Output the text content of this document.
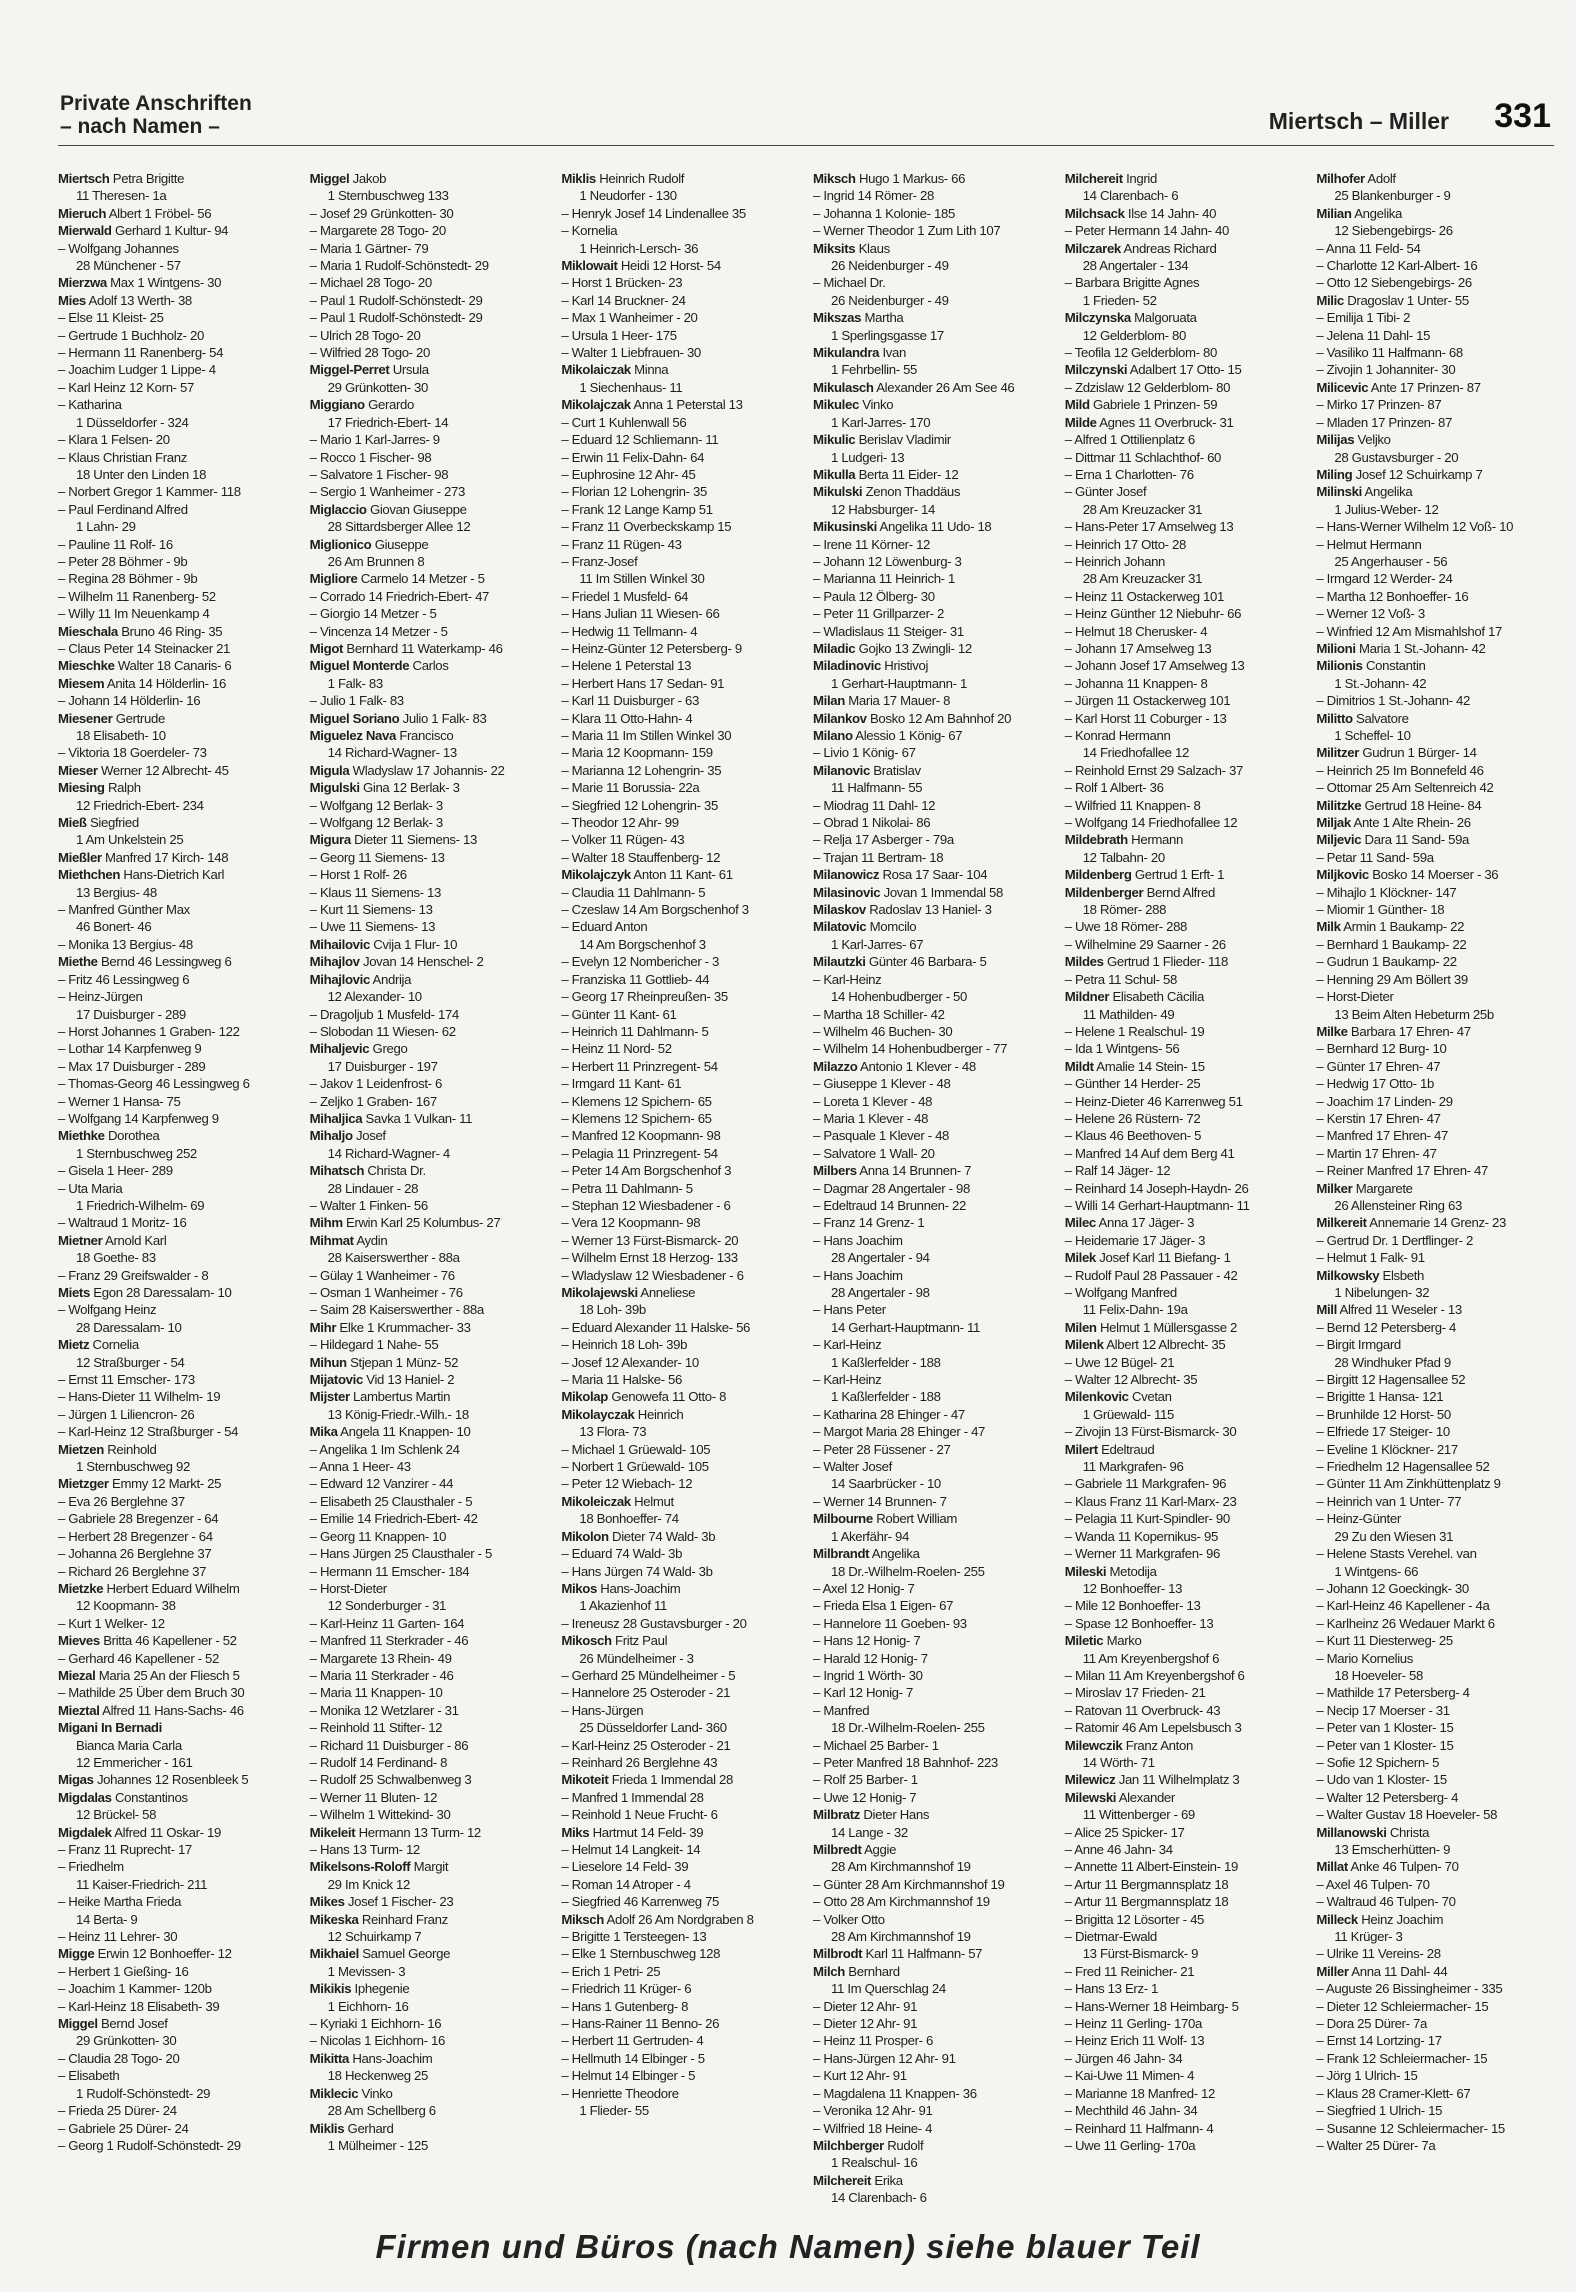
Private Anschriften
– nach Namen –	Miertsch – Miller 331
Miertsch Petra Brigitte
11 Theresen- 1a
Mieruch Albert 1 Fröbel- 56
Mierwald Gerhard 1 Kultur- 94
– Wolfgang Johannes
28 Münchener - 57
Mierzwa Max 1 Wintgens- 30
Mies Adolf 13 Werth- 38
– Else 11 Kleist- 25
– Gertrude 1 Buchholz- 20
– Hermann 11 Ranenberg- 54
– Joachim Ludger 1 Lippe- 4
– Karl Heinz 12 Korn- 57
– Katharina
1 Düsseldorfer - 324
– Klara 1 Felsen- 20
– Klaus Christian Franz
18 Unter den Linden 18
– Norbert Gregor 1 Kammer- 118
– Paul Ferdinand Alfred
1 Lahn- 29
– Pauline 11 Rolf- 16
– Peter 28 Böhmer - 9b
– Regina 28 Böhmer - 9b
– Wilhelm 11 Ranenberg- 52
– Willy 11 Im Neuenkamp 4
Mieschala Bruno 46 Ring- 35
– Claus Peter 14 Steinacker 21
Mieschke Walter 18 Canaris- 6
Miesem Anita 14 Hölderlin- 16
– Johann 14 Hölderlin- 16
Miesener Gertrude
18 Elisabeth- 10
– Viktoria 18 Goerdeler- 73
Mieser Werner 12 Albrecht- 45
Miesing Ralph
12 Friedrich-Ebert- 234
Mieß Siegfried
1 Am Unkelstein 25
Mießler Manfred 17 Kirch- 148
Miethchen Hans-Dietrich Karl
13 Bergius- 48
– Manfred Günther Max
46 Bonert- 46
– Monika 13 Bergius- 48
Miethe Bernd 46 Lessingweg 6
– Fritz 46 Lessingweg 6
– Heinz-Jürgen
17 Duisburger - 289
– Horst Johannes 1 Graben- 122
– Lothar 14 Karpfenweg 9
– Max 17 Duisburger - 289
– Thomas-Georg 46 Lessingweg 6
– Werner 1 Hansa- 75
– Wolfgang 14 Karpfenweg 9
Miethke Dorothea
1 Sternbuschweg 252
– Gisela 1 Heer- 289
– Uta Maria
1 Friedrich-Wilhelm- 69
– Waltraud 1 Moritz- 16
Mietner Arnold Karl
18 Goethe- 83
– Franz 29 Greifswalder - 8
Miets Egon 28 Daressalam- 10
– Wolfgang Heinz
28 Daressalam- 10
Mietz Cornelia
12 Straßburger - 54
– Ernst 11 Emscher- 173
– Hans-Dieter 11 Wilhelm- 19
– Jürgen 1 Liliencron- 26
– Karl-Heinz 12 Straßburger - 54
Mietzen Reinhold
1 Sternbuschweg 92
Mietzger Emmy 12 Markt- 25
– Eva 26 Berglehne 37
– Gabriele 28 Bregenzer - 64
– Herbert 28 Bregenzer - 64
– Johanna 26 Berglehne 37
– Richard 26 Berglehne 37
Mietzke Herbert Eduard Wilhelm
12 Koopmann- 38
– Kurt 1 Welker- 12
Mieves Britta 46 Kapellener - 52
– Gerhard 46 Kapellener - 52
Miezal Maria 25 An der Fliesch 5
– Mathilde 25 Über dem Bruch 30
Mieztal Alfred 11 Hans-Sachs- 46
Migani In Bernadi
Bianca Maria Carla
12 Emmericher - 161
Migas Johannes 12 Rosenbleek 5
Migdalas Constantinos
12 Brückel- 58
Migdalek Alfred 11 Oskar- 19
– Franz 11 Ruprecht- 17
– Friedhelm
11 Kaiser-Friedrich- 211
– Heike Martha Frieda
14 Berta- 9
– Heinz 11 Lehrer- 30
Migge Erwin 12 Bonhoeffer- 12
– Herbert 1 Gießing- 16
– Joachim 1 Kammer- 120b
– Karl-Heinz 18 Elisabeth- 39
Miggel Bernd Josef
29 Grünkotten- 30
– Claudia 28 Togo- 20
– Elisabeth
1 Rudolf-Schönstedt- 29
– Frieda 25 Dürer- 24
– Gabriele 25 Dürer- 24
– Georg 1 Rudolf-Schönstedt- 29
Miggel Jakob
1 Sternbuschweg 133
– Josef 29 Grünkotten- 30
– Margarete 28 Togo- 20
– Maria 1 Gärtner- 79
– Maria 1 Rudolf-Schönstedt- 29
– Michael 28 Togo- 20
– Paul 1 Rudolf-Schönstedt- 29
– Paul 1 Rudolf-Schönstedt- 29
– Ulrich 28 Togo- 20
– Wilfried 28 Togo- 20
Miggel-Perret Ursula
29 Grünkotten- 30
Miggiano Gerardo
17 Friedrich-Ebert- 14
– Mario 1 Karl-Jarres- 9
– Rocco 1 Fischer- 98
– Salvatore 1 Fischer- 98
– Sergio 1 Wanheimer - 273
Miglaccio Giovan Giuseppe
28 Sittardsberger Allee 12
Miglionico Giuseppe
26 Am Brunnen 8
Migliore Carmelo 14 Metzer - 5
– Corrado 14 Friedrich-Ebert- 47
– Giorgio 14 Metzer - 5
– Vincenza 14 Metzer - 5
Migot Bernhard 11 Waterkamp- 46
Miguel Monterde Carlos
1 Falk- 83
– Julio 1 Falk- 83
Miguel Soriano Julio 1 Falk- 83
Miguelez Nava Francisco
14 Richard-Wagner- 13
Migula Wladyslaw 17 Johannis- 22
Migulski Gina 12 Berlak- 3
– Wolfgang 12 Berlak- 3
– Wolfgang 12 Berlak- 3
Migura Dieter 11 Siemens- 13
– Georg 11 Siemens- 13
– Horst 1 Rolf- 26
– Klaus 11 Siemens- 13
– Kurt 11 Siemens- 13
– Uwe 11 Siemens- 13
Mihailovic Cvija 1 Flur- 10
Mihajlov Jovan 14 Henschel- 2
Mihajlovic Andrija
12 Alexander- 10
– Dragoljub 1 Musfeld- 174
– Slobodan 11 Wiesen- 62
Mihaljevic Grego
17 Duisburger - 197
– Jakov 1 Leidenfrost- 6
– Zeljko 1 Graben- 167
Mihaljica Savka 1 Vulkan- 11
Mihaljo Josef
14 Richard-Wagner- 4
Mihatsch Christa Dr.
28 Lindauer - 28
– Walter 1 Finken- 56
Mihm Erwin Karl 25 Kolumbus- 27
Mihmat Aydin
28 Kaiserswerther - 88a
– Gülay 1 Wanheimer - 76
– Osman 1 Wanheimer - 76
– Saim 28 Kaiserswerther - 88a
Mihr Elke 1 Krummacher- 33
– Hildegard 1 Nahe- 55
Mihun Stjepan 1 Münz- 52
Mijatovic Vid 13 Haniel- 2
Mijster Lambertus Martin
13 König-Friedr.-Wilh.- 18
Mika Angela 11 Knappen- 10
– Angelika 1 Im Schlenk 24
– Anna 1 Heer- 43
– Edward 12 Vanzirer - 44
– Elisabeth 25 Clausthaler - 5
– Emilie 14 Friedrich-Ebert- 42
– Georg 11 Knappen- 10
– Hans Jürgen 25 Clausthaler - 5
– Hermann 11 Emscher- 184
– Horst-Dieter
12 Sonderburger - 31
– Karl-Heinz 11 Garten- 164
– Manfred 11 Sterkrader - 46
– Margarete 13 Rhein- 49
– Maria 11 Sterkrader - 46
– Maria 11 Knappen- 10
– Monika 12 Wetzlarer - 31
– Reinhold 11 Stifter- 12
– Richard 11 Duisburger - 86
– Rudolf 14 Ferdinand- 8
– Rudolf 25 Schwalbenweg 3
– Werner 11 Bluten- 12
– Wilhelm 1 Wittekind- 30
Mikeleit Hermann 13 Turm- 12
– Hans 13 Turm- 12
Mikelsons-Roloff Margit
29 Im Knick 12
Mikes Josef 1 Fischer- 23
Mikeska Reinhard Franz
12 Schuirkamp 7
Mikhaiel Samuel George
1 Mevissen- 3
Mikikis Iphegenie
1 Eichhorn- 16
– Kyriaki 1 Eichhorn- 16
– Nicolas 1 Eichhorn- 16
Mikitta Hans-Joachim
18 Heckenweg 25
Miklecic Vinko
28 Am Schellberg 6
Miklis Gerhard
1 Mülheimer - 125
Miklis Heinrich Rudolf
1 Neudorfer - 130
– Henryk Josef 14 Lindenallee 35
– Kornelia
1 Heinrich-Lersch- 36
Miklowait Heidi 12 Horst- 54
– Horst 1 Brücken- 23
– Karl 14 Bruckner- 24
– Max 1 Wanheimer - 20
– Ursula 1 Heer- 175
– Walter 1 Liebfrauen- 30
Mikolaiczak Minna
1 Siechenhaus- 11
Mikolajczak Anna 1 Peterstal 13
– Curt 1 Kuhlenwall 56
– Eduard 12 Schliemann- 11
– Erwin 11 Felix-Dahn- 64
– Euphrosine 12 Ahr- 45
– Florian 12 Lohengrin- 35
– Frank 12 Lange Kamp 51
– Franz 11 Overbeckskamp 15
– Franz 11 Rügen- 43
– Franz-Josef
11 Im Stillen Winkel 30
– Friedel 1 Musfeld- 64
– Hans Julian 11 Wiesen- 66
– Hedwig 11 Tellmann- 4
– Heinz-Günter 12 Petersberg- 9
– Helene 1 Peterstal 13
– Herbert Hans 17 Sedan- 91
– Karl 11 Duisburger - 63
– Klara 11 Otto-Hahn- 4
– Maria 11 Im Stillen Winkel 30
– Maria 12 Koopmann- 159
– Marianna 12 Lohengrin- 35
– Marie 11 Borussia- 22a
– Siegfried 12 Lohengrin- 35
– Theodor 12 Ahr- 99
– Volker 11 Rügen- 43
– Walter 18 Stauffenberg- 12
Mikolajczyk Anton 11 Kant- 61
– Claudia 11 Dahlmann- 5
– Czeslaw 14 Am Borgschenhof 3
– Eduard Anton
14 Am Borgschenhof 3
– Evelyn 12 Nombericher - 3
– Franziska 11 Gottlieb- 44
– Georg 17 Rheinpreußen- 35
– Günter 11 Kant- 61
– Heinrich 11 Dahlmann- 5
– Heinz 11 Nord- 52
– Herbert 11 Prinzregent- 54
– Irmgard 11 Kant- 61
– Klemens 12 Spichern- 65
– Klemens 12 Spichern- 65
– Manfred 12 Koopmann- 98
– Pelagia 11 Prinzregent- 54
– Peter 14 Am Borgschenhof 3
– Petra 11 Dahlmann- 5
– Stephan 12 Wiesbadener - 6
– Vera 12 Koopmann- 98
– Werner 13 Fürst-Bismarck- 20
– Wilhelm Ernst 18 Herzog- 133
– Wladyslaw 12 Wiesbadener - 6
Mikolajewski Anneliese
18 Loh- 39b
– Eduard Alexander 11 Halske- 56
– Heinrich 18 Loh- 39b
– Josef 12 Alexander- 10
– Maria 11 Halske- 56
Mikolap Genowefa 11 Otto- 8
Mikolayczak Heinrich
13 Flora- 73
– Michael 1 Grüewald- 105
– Norbert 1 Grüewald- 105
– Peter 12 Wiebach- 12
Mikoleiczak Helmut
18 Bonhoeffer- 74
Mikolon Dieter 74 Wald- 3b
– Eduard 74 Wald- 3b
– Hans Jürgen 74 Wald- 3b
Mikos Hans-Joachim
1 Akazienhof 11
– Ireneusz 28 Gustavsburger - 20
Mikosch Fritz Paul
26 Mündelheimer - 3
– Gerhard 25 Mündelheimer - 5
– Hannelore 25 Osteroder - 21
– Hans-Jürgen
25 Düsseldorfer Land- 360
– Karl-Heinz 25 Osteroder - 21
– Reinhard 26 Berglehne 43
Mikoteit Frieda 1 Immendal 28
– Manfred 1 Immendal 28
– Reinhold 1 Neue Frucht- 6
Miks Hartmut 14 Feld- 39
– Helmut 14 Langkeit- 14
– Lieselore 14 Feld- 39
– Roman 14 Atroper - 4
– Siegfried 46 Karrenweg 75
Miksch Adolf 26 Am Nordgraben 8
– Brigitte 1 Tersteegen- 13
– Elke 1 Sternbuschweg 128
– Erich 1 Petri- 25
– Friedrich 11 Krüger- 6
– Hans 1 Gutenberg- 8
– Hans-Rainer 11 Benno- 26
– Herbert 11 Gertruden- 4
– Hellmuth 14 Elbinger - 5
– Helmut 14 Elbinger - 5
– Henriette Theodore
1 Flieder- 55
Miksch Hugo 1 Markus- 66
– Ingrid 14 Römer- 28
– Johanna 1 Kolonie- 185
– Werner Theodor 1 Zum Lith 107
Miksits Klaus
26 Neidenburger - 49
– Michael Dr.
26 Neidenburger - 49
Mikszas Martha
1 Sperlingsgasse 17
Mikulandra Ivan
1 Fehrbellin- 55
Mikulasch Alexander 26 Am See 46
Mikulec Vinko
1 Karl-Jarres- 170
Mikulic Berislav Vladimir
1 Ludgeri- 13
Mikulla Berta 11 Eider- 12
Mikulski Zenon Thaddäus
12 Habsburger- 14
Mikusinski Angelika 11 Udo- 18
– Irene 11 Körner- 12
– Johann 12 Löwenburg- 3
– Marianna 11 Heinrich- 1
– Paula 12 Ölberg- 30
– Peter 11 Grillparzer- 2
– Wladislaus 11 Steiger- 31
Miladic Gojko 13 Zwingli- 12
Miladinovic Hristivoj
1 Gerhart-Hauptmann- 1
Milan Maria 17 Mauer- 8
Milankov Bosko 12 Am Bahnhof 20
Milano Alessio 1 König- 67
– Livio 1 König- 67
Milanovic Bratislav
11 Halfmann- 55
– Miodrag 11 Dahl- 12
– Obrad 1 Nikolai- 86
– Relja 17 Asberger - 79a
– Trajan 11 Bertram- 18
Milanowicz Rosa 17 Saar- 104
Milasinovic Jovan 1 Immendal 58
Milaskov Radoslav 13 Haniel- 3
Milatovic Momcilo
1 Karl-Jarres- 67
Milautzki Günter 46 Barbara- 5
– Karl-Heinz
14 Hohenbudberger - 50
– Martha 18 Schiller- 42
– Wilhelm 46 Buchen- 30
– Wilhelm 14 Hohenbudberger - 77
Milazzo Antonio 1 Klever - 48
– Giuseppe 1 Klever - 48
– Loreta 1 Klever - 48
– Maria 1 Klever - 48
– Pasquale 1 Klever - 48
– Salvatore 1 Wall- 20
Milbers Anna 14 Brunnen- 7
– Dagmar 28 Angertaler - 98
– Edeltraud 14 Brunnen- 22
– Franz 14 Grenz- 1
– Hans Joachim
28 Angertaler - 94
– Hans Joachim
28 Angertaler - 98
– Hans Peter
14 Gerhart-Hauptmann- 11
– Karl-Heinz
1 Kaßlerfelder - 188
– Karl-Heinz
1 Kaßlerfelder - 188
– Katharina 28 Ehinger - 47
– Margot Maria 28 Ehinger - 47
– Peter 28 Füssener - 27
– Walter Josef
14 Saarbrücker - 10
– Werner 14 Brunnen- 7
Milbourne Robert William
1 Akerfähr- 94
Milbrandt Angelika
18 Dr.-Wilhelm-Roelen- 255
– Axel 12 Honig- 7
– Frieda Elsa 1 Eigen- 67
– Hannelore 11 Goeben- 93
– Hans 12 Honig- 7
– Harald 12 Honig- 7
– Ingrid 1 Wörth- 30
– Karl 12 Honig- 7
– Manfred
18 Dr.-Wilhelm-Roelen- 255
– Michael 25 Barber- 1
– Peter Manfred 18 Bahnhof- 223
– Rolf 25 Barber- 1
– Uwe 12 Honig- 7
Milbratz Dieter Hans
14 Lange - 32
Milbredt Aggie
28 Am Kirchmannshof 19
– Günter 28 Am Kirchmannshof 19
– Otto 28 Am Kirchmannshof 19
– Volker Otto
28 Am Kirchmannshof 19
Milbrodt Karl 11 Halfmann- 57
Milch Bernhard
11 Im Querschlag 24
– Dieter 12 Ahr- 91
– Dieter 12 Ahr- 91
– Heinz 11 Prosper- 6
– Hans-Jürgen 12 Ahr- 91
– Kurt 12 Ahr- 91
– Magdalena 11 Knappen- 36
– Veronika 12 Ahr- 91
– Wilfried 18 Heine- 4
Milchberger Rudolf
1 Realschul- 16
Milchereit Erika
14 Clarenbach- 6
Milchereit Ingrid
14 Clarenbach- 6
Milchsack Ilse 14 Jahn- 40
– Peter Hermann 14 Jahn- 40
Milczarek Andreas Richard
28 Angertaler - 134
– Barbara Brigitte Agnes
1 Frieden- 52
Milczynska Malgoruata
12 Gelderblom- 80
– Teofila 12 Gelderblom- 80
Milczynski Adalbert 17 Otto- 15
– Zdzislaw 12 Gelderblom- 80
Mild Gabriele 1 Prinzen- 59
Milde Agnes 11 Overbruck- 31
– Alfred 1 Ottilienplatz 6
– Dittmar 11 Schlachthof- 60
– Erna 1 Charlotten- 76
– Günter Josef
28 Am Kreuzacker 31
– Hans-Peter 17 Amselweg 13
– Heinrich 17 Otto- 28
– Heinrich Johann
28 Am Kreuzacker 31
– Heinz 11 Ostackerweg 101
– Heinz Günther 12 Niebuhr- 66
– Helmut 18 Cherusker- 4
– Johann 17 Amselweg 13
– Johann Josef 17 Amselweg 13
– Johanna 11 Knappen- 8
– Jürgen 11 Ostackerweg 101
– Karl Horst 11 Coburger - 13
– Konrad Hermann
14 Friedhofallee 12
– Reinhold Ernst 29 Salzach- 37
– Rolf 1 Albert- 36
– Wilfried 11 Knappen- 8
– Wolfgang 14 Friedhofallee 12
Mildebrath Hermann
12 Talbahn- 20
Mildenberg Gertrud 1 Erft- 1
Mildenberger Bernd Alfred
18 Römer- 288
– Uwe 18 Römer- 288
– Wilhelmine 29 Saarner - 26
Mildes Gertrud 1 Flieder- 118
– Petra 11 Schul- 58
Mildner Elisabeth Cäcilia
11 Mathilden- 49
– Helene 1 Realschul- 19
– Ida 1 Wintgens- 56
Mildt Amalie 14 Stein- 15
– Günther 14 Herder- 25
– Heinz-Dieter 46 Karrenweg 51
– Helene 26 Rüstern- 72
– Klaus 46 Beethoven- 5
– Manfred 14 Auf dem Berg 41
– Ralf 14 Jäger- 12
– Reinhard 14 Joseph-Haydn- 26
– Willi 14 Gerhart-Hauptmann- 11
Milec Anna 17 Jäger- 3
– Heidemarie 17 Jäger- 3
Milek Josef Karl 11 Biefang- 1
– Rudolf Paul 28 Passauer - 42
– Wolfgang Manfred
11 Felix-Dahn- 19a
Milen Helmut 1 Müllersgasse 2
Milenk Albert 12 Albrecht- 35
– Uwe 12 Bügel- 21
– Walter 12 Albrecht- 35
Milenkovic Cvetan
1 Grüewald- 115
– Zivojin 13 Fürst-Bismarck- 30
Milert Edeltraud
11 Markgrafen- 96
– Gabriele 11 Markgrafen- 96
– Klaus Franz 11 Karl-Marx- 23
– Pelagia 11 Kurt-Spindler- 90
– Wanda 11 Kopernikus- 95
– Werner 11 Markgrafen- 96
Mileski Metodija
12 Bonhoeffer- 13
– Mile 12 Bonhoeffer- 13
– Spase 12 Bonhoeffer- 13
Miletic Marko
11 Am Kreyenbergshof 6
– Milan 11 Am Kreyenbergshof 6
– Miroslav 17 Frieden- 21
– Ratovan 11 Overbruck- 43
– Ratomir 46 Am Lepelsbusch 3
Milewczik Franz Anton
14 Wörth- 71
Milewicz Jan 11 Wilhelmplatz 3
Milewski Alexander
11 Wittenberger - 69
– Alice 25 Spicker- 17
– Anne 46 Jahn- 34
– Annette 11 Albert-Einstein- 19
– Artur 11 Bergmannsplatz 18
– Artur 11 Bergmannsplatz 18
– Brigitta 12 Lösorter - 45
– Dietmar-Ewald
13 Fürst-Bismarck- 9
– Fred 11 Reinicher- 21
– Hans 13 Erz- 1
– Hans-Werner 18 Heimbarg- 5
– Heinz 11 Gerling- 170a
– Heinz Erich 11 Wolf- 13
– Jürgen 46 Jahn- 34
– Kai-Uwe 11 Mimen- 4
– Marianne 18 Manfred- 12
– Mechthild 46 Jahn- 34
– Reinhard 11 Halfmann- 4
– Uwe 11 Gerling- 170a
Milhofer Adolf
25 Blankenburger - 9
Milian Angelika
12 Siebengebirgs- 26
– Anna 11 Feld- 54
– Charlotte 12 Karl-Albert- 16
– Otto 12 Siebengebirgs- 26
Milic Dragoslav 1 Unter- 55
– Emilija 1 Tibi- 2
– Jelena 11 Dahl- 15
– Vasiliko 11 Halfmann- 68
– Zivojin 1 Johanniter- 30
Milicevic Ante 17 Prinzen- 87
– Mirko 17 Prinzen- 87
– Mladen 17 Prinzen- 87
Milijas Veljko
28 Gustavsburger - 20
Miling Josef 12 Schuirkamp 7
Milinski Angelika
1 Julius-Weber- 12
– Hans-Werner Wilhelm 12 Voß- 10
– Helmut Hermann
25 Angerhauser - 56
– Irmgard 12 Werder- 24
– Martha 12 Bonhoeffer- 16
– Werner 12 Voß- 3
– Winfried 12 Am Mismahlshof 17
Milioni Maria 1 St.-Johann- 42
Milionis Constantin
1 St.-Johann- 42
– Dimitrios 1 St.-Johann- 42
Militto Salvatore
1 Scheffel- 10
Militzer Gudrun 1 Bürger- 14
– Heinrich 25 Im Bonnefeld 46
– Ottomar 25 Am Seltenreich 42
Militzke Gertrud 18 Heine- 84
Miljak Ante 1 Alte Rhein- 26
Miljevic Dara 11 Sand- 59a
– Petar 11 Sand- 59a
Miljkovic Bosko 14 Moerser - 36
– Mihajlo 1 Klöckner- 147
– Miomir 1 Günther- 18
Milk Armin 1 Baukamp- 22
– Bernhard 1 Baukamp- 22
– Gudrun 1 Baukamp- 22
– Henning 29 Am Böllert 39
– Horst-Dieter
13 Beim Alten Hebeturm 25b
Milke Barbara 17 Ehren- 47
– Bernhard 12 Burg- 10
– Günter 17 Ehren- 47
– Hedwig 17 Otto- 1b
– Joachim 17 Linden- 29
– Kerstin 17 Ehren- 47
– Manfred 17 Ehren- 47
– Martin 17 Ehren- 47
– Reiner Manfred 17 Ehren- 47
Milker Margarete
26 Allensteiner Ring 63
Milkereit Annemarie 14 Grenz- 23
– Gertrud Dr. 1 Dertflinger- 2
– Helmut 1 Falk- 91
Milkowsky Elsbeth
1 Nibelungen- 32
Mill Alfred 11 Weseler - 13
– Bernd 12 Petersberg- 4
– Birgit Irmgard
28 Windhuker Pfad 9
– Birgitt 12 Hagensallee 52
– Brigitte 1 Hansa- 121
– Brunhilde 12 Horst- 50
– Elfriede 17 Steiger- 10
– Eveline 1 Klöckner- 217
– Friedhelm 12 Hagensallee 52
– Günter 11 Am Zinkhüttenplatz 9
– Heinrich van 1 Unter- 77
– Heinz-Günter
29 Zu den Wiesen 31
– Helene Stasts Verehel. van
1 Wintgens- 66
– Johann 12 Goeckingk- 30
– Karl-Heinz 46 Kapellener - 4a
– Karlheinz 26 Wedauer Markt 6
– Kurt 11 Diesterweg- 25
– Mario Kornelius
18 Hoeveler- 58
– Mathilde 17 Petersberg- 4
– Necip 17 Moerser - 31
– Peter van 1 Kloster- 15
– Peter van 1 Kloster- 15
– Sofie 12 Spichern- 5
– Udo van 1 Kloster- 15
– Walter 12 Petersberg- 4
– Walter Gustav 18 Hoeveler- 58
Millanowski Christa
13 Emscherhütten- 9
Millat Anke 46 Tulpen- 70
– Axel 46 Tulpen- 70
– Waltraud 46 Tulpen- 70
Milleck Heinz Joachim
11 Krüger- 3
– Ulrike 11 Vereins- 28
Miller Anna 11 Dahl- 44
– Auguste 26 Bissingheimer - 335
– Dieter 12 Schleiermacher- 15
– Dora 25 Dürer- 7a
– Ernst 14 Lortzing- 17
– Frank 12 Schleiermacher- 15
– Jörg 1 Ulrich- 15
– Klaus 28 Cramer-Klett- 67
– Siegfried 1 Ulrich- 15
– Susanne 12 Schleiermacher- 15
– Walter 25 Dürer- 7a
Firmen und Büros (nach Namen) siehe blauer Teil
